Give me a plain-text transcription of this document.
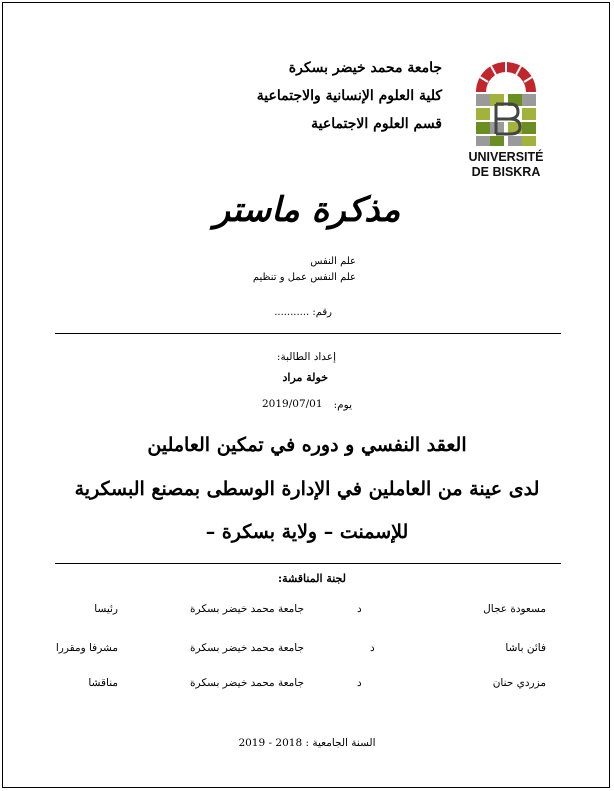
جامعة محمد خيضر بسكرة
كلية العلوم الإنسانية والاجتماعية
قسم العلوم الاجتماعية
UNIVERSITÉ
DE BISKRA
مذكرة ماستر
علم النفس
علم النفس عمل و تنظيم
رقم: ...........
إعداد الطالبة:
خولة مراد
يوم:
2019/07/01
العقد النفسي و دوره في تمكين العاملين
لدى عينة من العاملين في الإدارة الوسطى بمصنع البسكرية
للإسمنت – ولاية بسكرة –
لجنة المناقشة:
مسعودة عجال
د
جامعة محمد خيضر بسكرة
رئيسا
فائن باشا
د
جامعة محمد خيضر بسكرة
مشرفا ومقررا
مزردي حنان
د
جامعة محمد خيضر بسكرة
مناقشا
السنة الجامعية : 2018 - 2019
